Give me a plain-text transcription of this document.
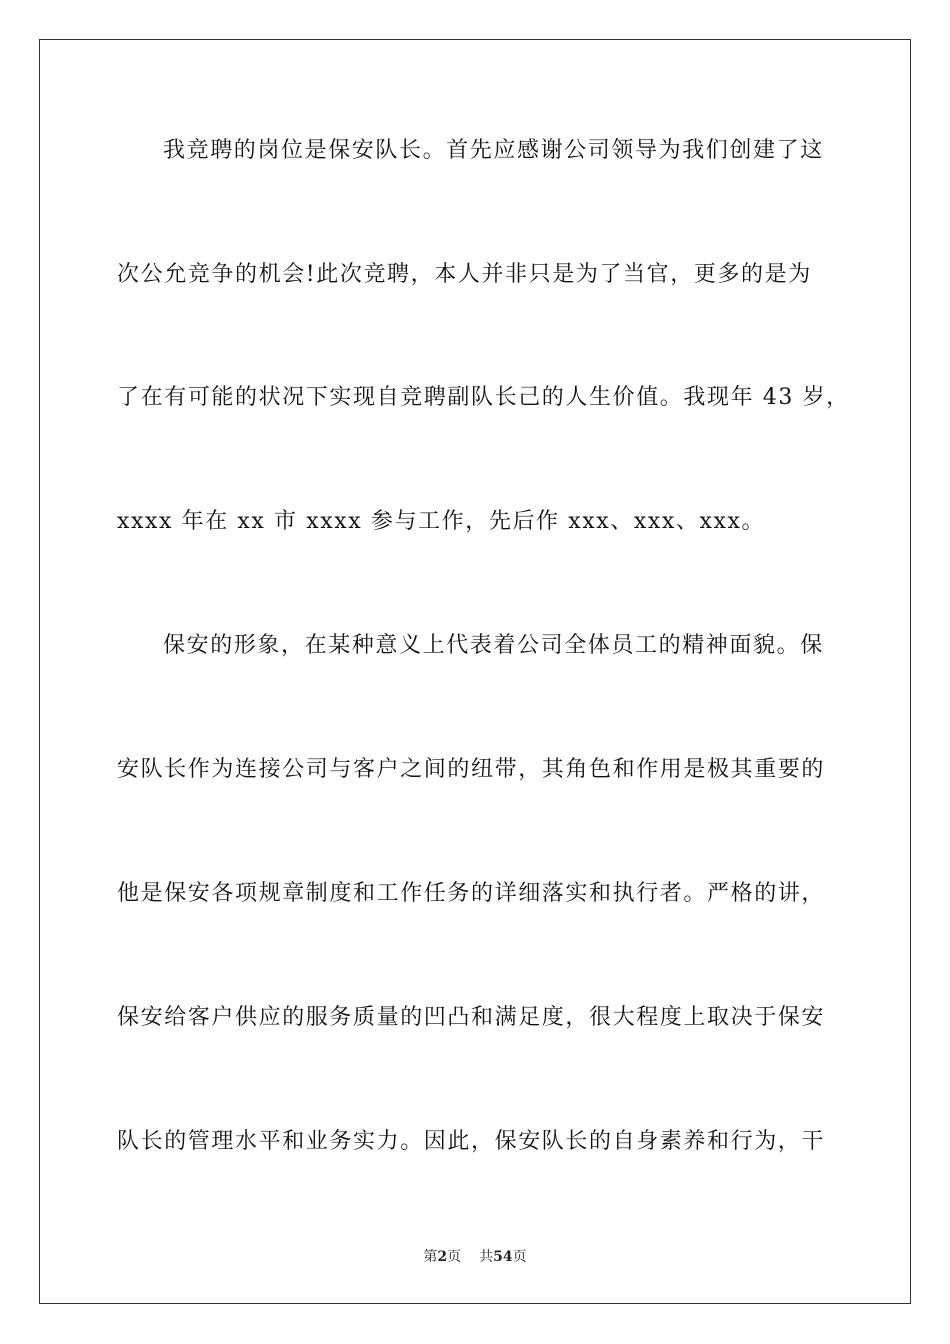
我竞聘的岗位是保安队长。首先应感谢公司领导为我们创建了这
次公允竞争的机会!此次竞聘，本人并非只是为了当官，更多的是为
了在有可能的状况下实现自竞聘副队长己的人生价值。我现年 43 岁，
xxxx 年在 xx 市 xxxx 参与工作，先后作 xxx、xxx、xxx。
保安的形象，在某种意义上代表着公司全体员工的精神面貌。保
安队长作为连接公司与客户之间的纽带，其角色和作用是极其重要的
他是保安各项规章制度和工作任务的详细落实和执行者。严格的讲，
保安给客户供应的服务质量的凹凸和满足度，很大程度上取决于保安
队长的管理水平和业务实力。因此，保安队长的自身素养和行为，干
第2页 共54页
